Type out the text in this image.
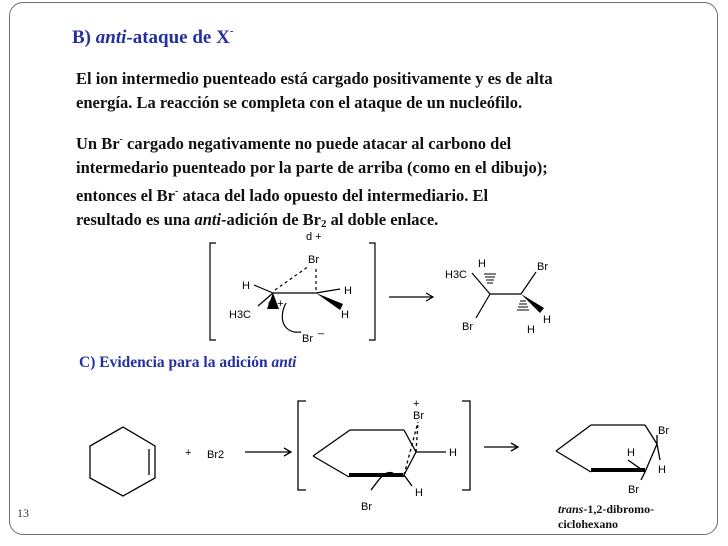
B) anti-ataque de X-
El ion intermedio puenteado está cargado positivamente y es de alta
energía. La reacción se completa con el ataque de un nucleófilo.
Un Br- cargado negativamente no puede atacar al carbono del
intermedario puenteado por la parte de arriba (como en el dibujo);
entonces el Br- ataca del lado opuesto del intermediario. El
resultado es una anti-adición de Br2 al doble enlace.
d +
Br
H	H
H
H3C
d +
_
Br
H3C
H	Br
Br
H
H
C) Evidencia para la adición anti
+ Br2
+
Br
H
H
Br
Br
H
H
Br
trans-1,2-dibromo-
ciclohexano
13
